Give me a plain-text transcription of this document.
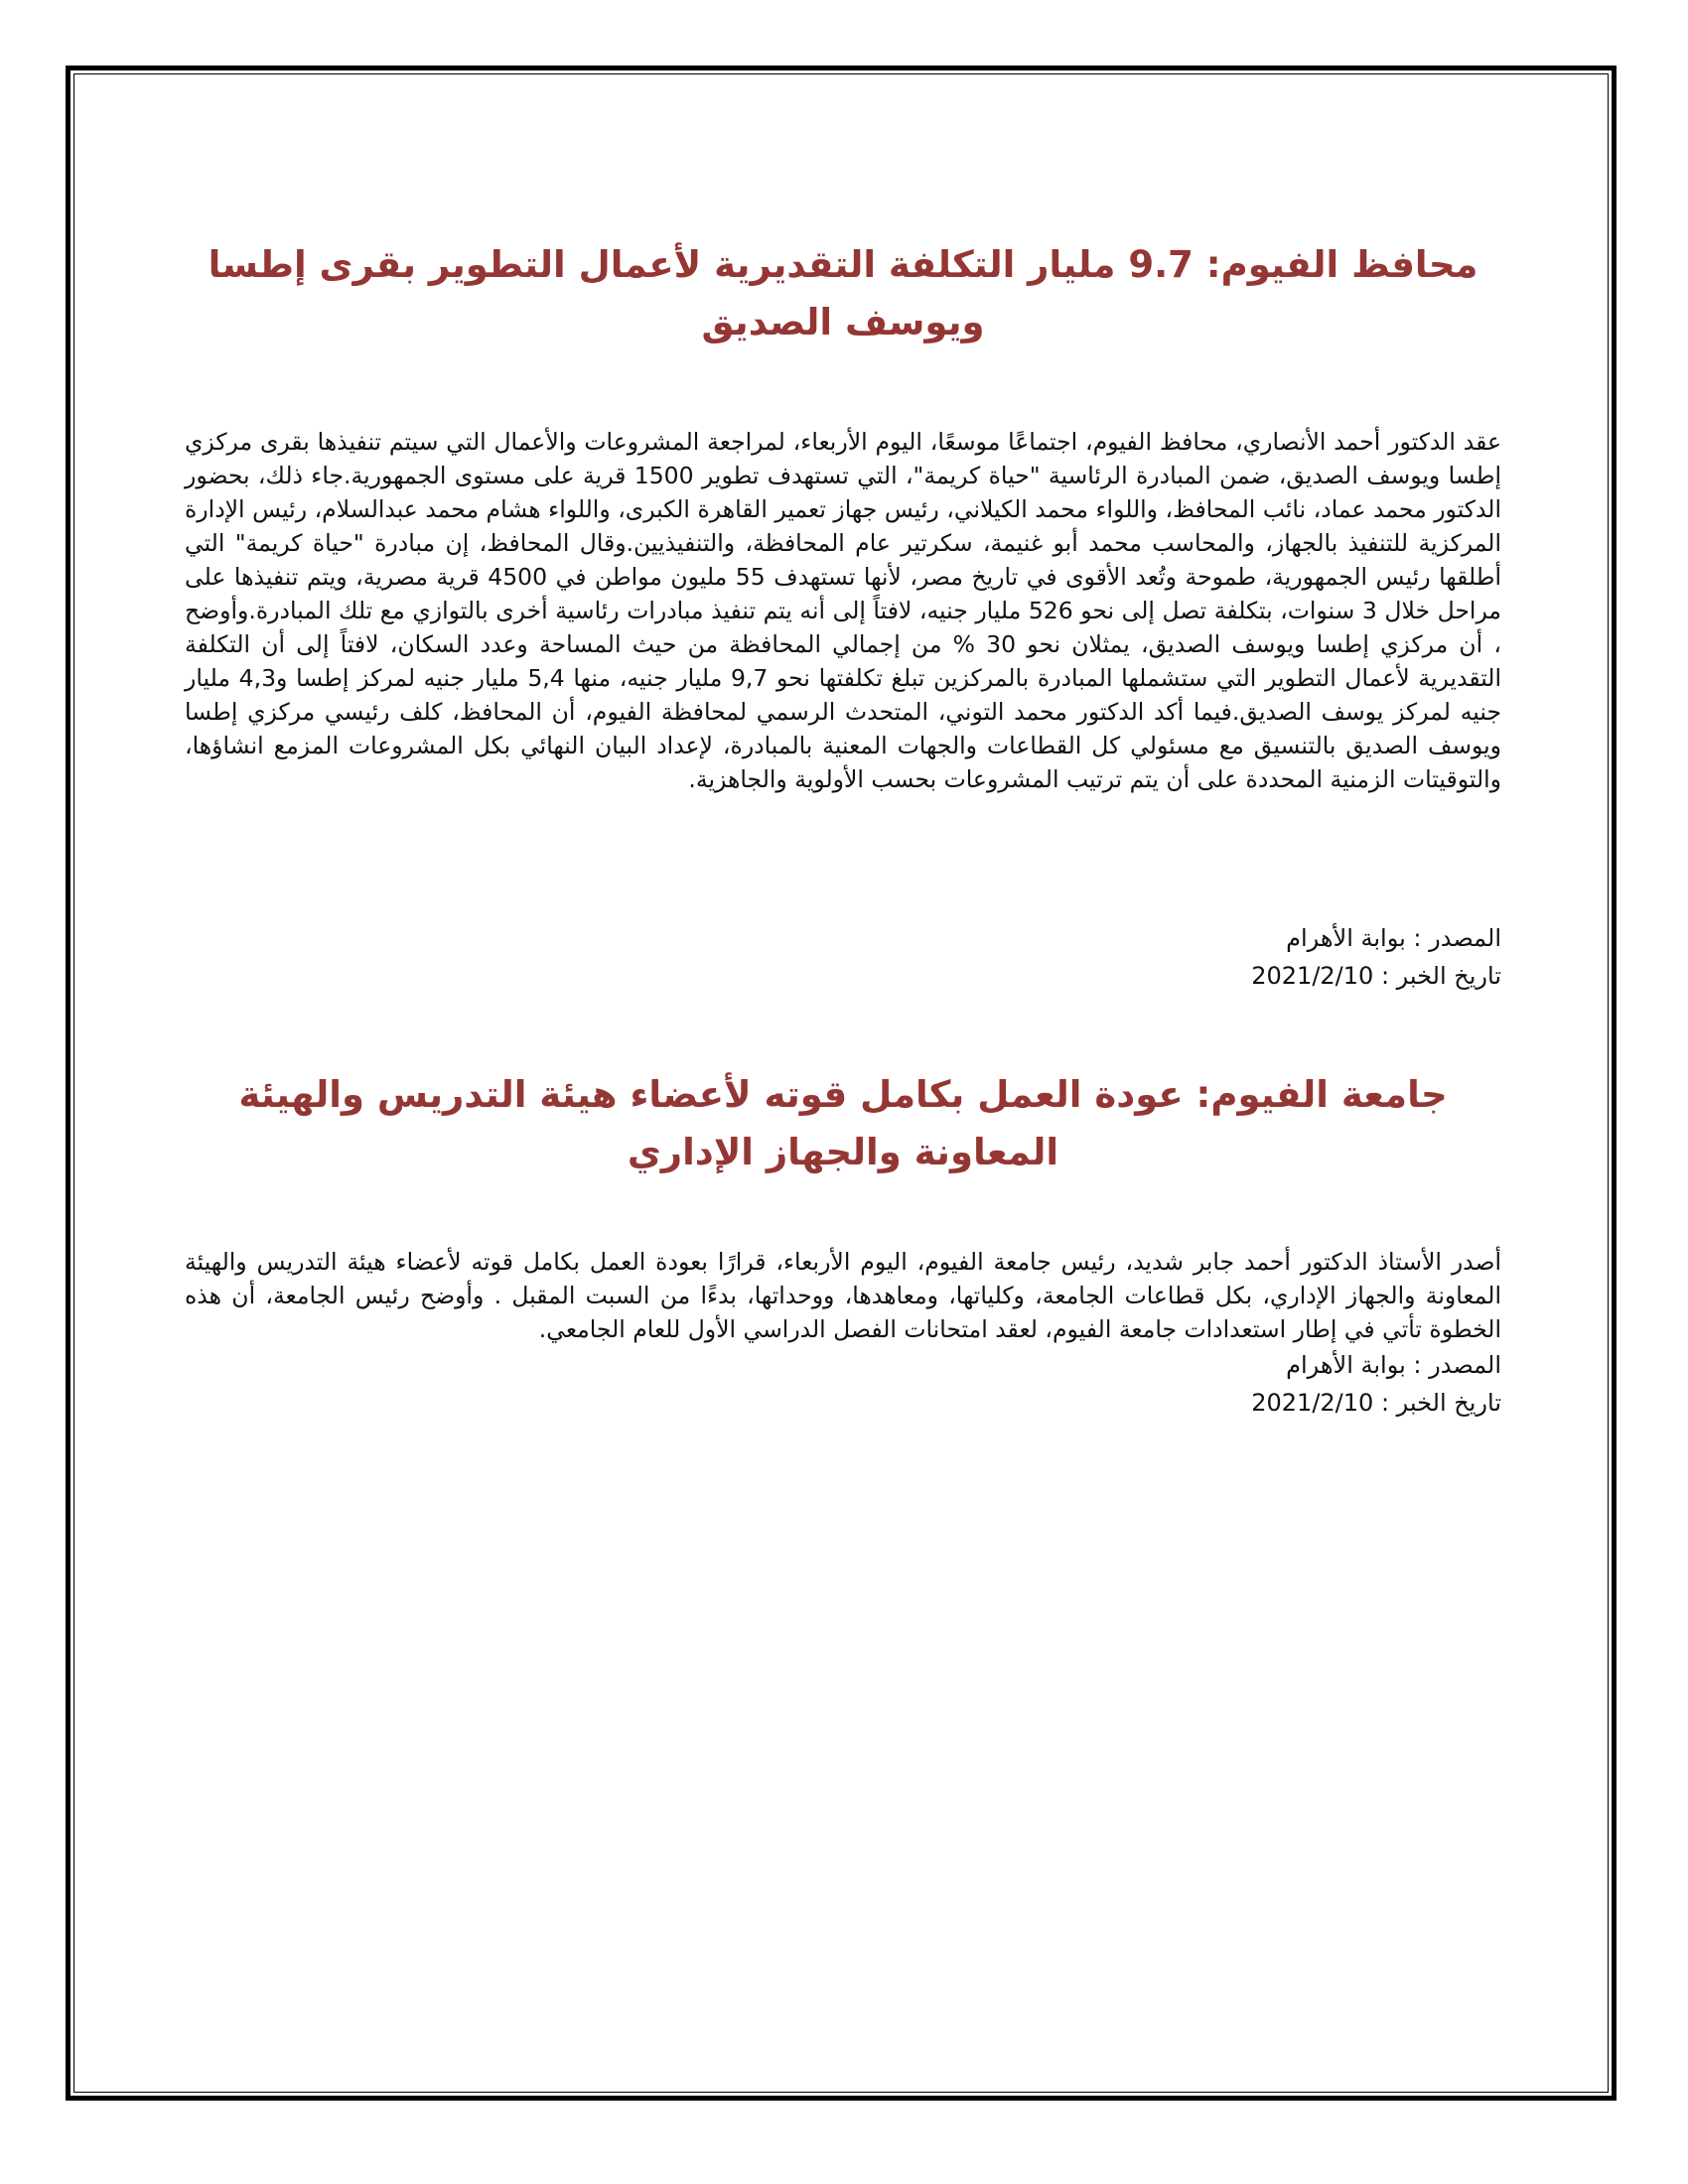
محافظ الفيوم: 9.7 مليار التكلفة التقديرية لأعمال التطوير بقرى إطسا ويوسف الصديق

عقد الدكتور أحمد الأنصاري، محافظ الفيوم، اجتماعًا موسعًا، اليوم الأربعاء، لمراجعة المشروعات والأعمال التي سيتم تنفيذها بقرى مركزي إطسا ويوسف الصديق، ضمن المبادرة الرئاسية "حياة كريمة"، التي تستهدف تطوير 1500 قرية على مستوى الجمهورية.جاء ذلك، بحضور الدكتور محمد عماد، نائب المحافظ، واللواء محمد الكيلاني، رئيس جهاز تعمير القاهرة الكبرى، واللواء هشام محمد عبدالسلام، رئيس الإدارة المركزية للتنفيذ بالجهاز، والمحاسب محمد أبو غنيمة، سكرتير عام المحافظة، والتنفيذيين.وقال المحافظ، إن مبادرة "حياة كريمة" التي أطلقها رئيس الجمهورية، طموحة وتُعد الأقوى في تاريخ مصر، لأنها تستهدف 55 مليون مواطن في 4500 قرية مصرية، ويتم تنفيذها على مراحل خلال 3 سنوات، بتكلفة تصل إلى نحو 526 مليار جنيه، لافتاً إلى أنه يتم تنفيذ مبادرات رئاسية أخرى بالتوازي مع تلك المبادرة.وأوضح ، أن مركزي إطسا ويوسف الصديق، يمثلان نحو 30 % من إجمالي المحافظة من حيث المساحة وعدد السكان، لافتاً إلى أن التكلفة التقديرية لأعمال التطوير التي ستشملها المبادرة بالمركزين تبلغ تكلفتها نحو 9,7 مليار جنيه، منها 5,4 مليار جنيه لمركز إطسا و4,3 مليار جنيه لمركز يوسف الصديق.فيما أكد الدكتور محمد التوني، المتحدث الرسمي لمحافظة الفيوم، أن المحافظ، كلف رئيسي مركزي إطسا ويوسف الصديق بالتنسيق مع مسئولي كل القطاعات والجهات المعنية بالمبادرة، لإعداد البيان النهائي بكل المشروعات المزمع انشاؤها، والتوقيتات الزمنية المحددة على أن يتم ترتيب المشروعات بحسب الأولوية والجاهزية.

المصدر : بوابة الأهرام
تاريخ الخبر : 2021/2/10
جامعة الفيوم: عودة العمل بكامل قوته لأعضاء هيئة التدريس والهيئة المعاونة والجهاز الإداري

أصدر الأستاذ الدكتور أحمد جابر شديد، رئيس جامعة الفيوم، اليوم الأربعاء، قرارًا بعودة العمل بكامل قوته لأعضاء هيئة التدريس والهيئة المعاونة والجهاز الإداري، بكل قطاعات الجامعة، وكلياتها، ومعاهدها، ووحداتها، بدءًا من السبت المقبل . وأوضح رئيس الجامعة، أن هذه الخطوة تأتي في إطار استعدادات جامعة الفيوم، لعقد امتحانات الفصل الدراسي الأول للعام الجامعي.

المصدر : بوابة الأهرام
تاريخ الخبر : 2021/2/10
